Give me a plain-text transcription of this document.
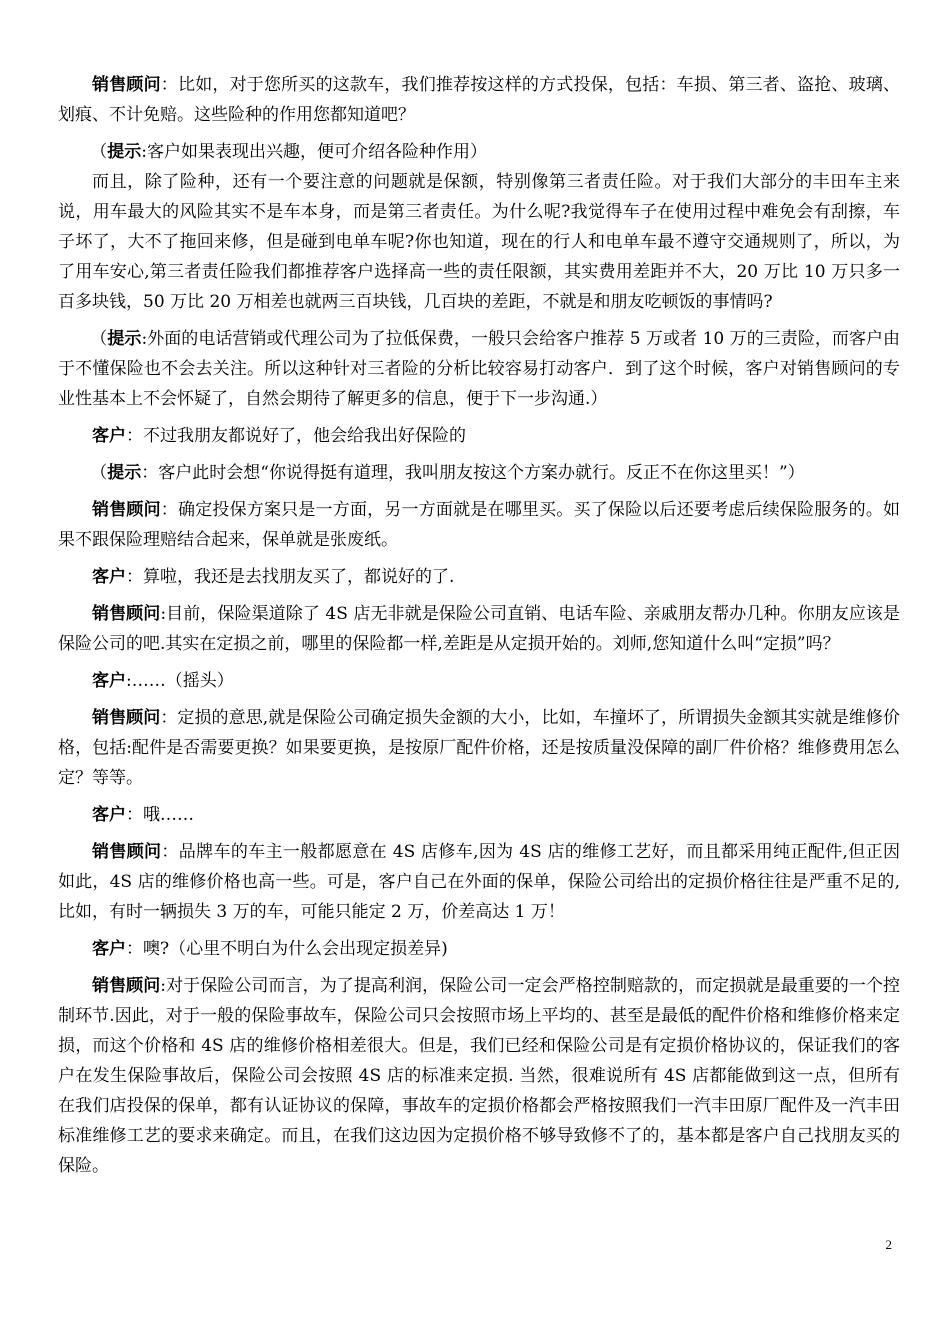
销售顾问：比如，对于您所买的这款车，我们推荐按这样的方式投保，包括：车损、第三者、盗抢、玻璃、划痕、不计免赔。这些险种的作用您都知道吧？

（提示:客户如果表现出兴趣，便可介绍各险种作用）

而且，除了险种，还有一个要注意的问题就是保额，特别像第三者责任险。对于我们大部分的丰田车主来说，用车最大的风险其实不是车本身，而是第三者责任。为什么呢?我觉得车子在使用过程中难免会有刮擦，车子坏了，大不了拖回来修，但是碰到电单车呢?你也知道，现在的行人和电单车最不遵守交通规则了，所以，为了用车安心,第三者责任险我们都推荐客户选择高一些的责任限额，其实费用差距并不大，20 万比 10 万只多一百多块钱，50 万比 20 万相差也就两三百块钱，几百块的差距，不就是和朋友吃顿饭的事情吗?

（提示:外面的电话营销或代理公司为了拉低保费，一般只会给客户推荐 5 万或者 10 万的三责险，而客户由于不懂保险也不会去关注。所以这种针对三者险的分析比较容易打动客户．到了这个时候，客户对销售顾问的专业性基本上不会怀疑了，自然会期待了解更多的信息，便于下一步沟通.）

客户：不过我朋友都说好了，他会给我出好保险的

（提示：客户此时会想“你说得挺有道理，我叫朋友按这个方案办就行。反正不在你这里买！”）

销售顾问：确定投保方案只是一方面，另一方面就是在哪里买。买了保险以后还要考虑后续保险服务的。如果不跟保险理赔结合起来，保单就是张废纸。

客户：算啦，我还是去找朋友买了，都说好的了.

销售顾问:目前，保险渠道除了 4S 店无非就是保险公司直销、电话车险、亲戚朋友帮办几种。你朋友应该是保险公司的吧.其实在定损之前，哪里的保险都一样,差距是从定损开始的。刘师,您知道什么叫“定损”吗？

客户:……（摇头）

销售顾问：定损的意思,就是保险公司确定损失金额的大小，比如，车撞坏了，所谓损失金额其实就是维修价格，包括:配件是否需要更换？如果要更换，是按原厂配件价格，还是按质量没保障的副厂件价格？维修费用怎么定？等等。

客户：哦……

销售顾问：品牌车的车主一般都愿意在 4S 店修车,因为 4S 店的维修工艺好，而且都采用纯正配件,但正因如此，4S 店的维修价格也高一些。可是，客户自己在外面的保单，保险公司给出的定损价格往往是严重不足的,比如，有时一辆损失 3 万的车，可能只能定 2 万，价差高达 1 万！

客户：噢?（心里不明白为什么会出现定损差异)

销售顾问:对于保险公司而言，为了提高利润，保险公司一定会严格控制赔款的，而定损就是最重要的一个控制环节.因此，对于一般的保险事故车，保险公司只会按照市场上平均的、甚至是最低的配件价格和维修价格来定损，而这个价格和 4S 店的维修价格相差很大。但是，我们已经和保险公司是有定损价格协议的，保证我们的客户在发生保险事故后，保险公司会按照 4S 店的标准来定损. 当然，很难说所有 4S 店都能做到这一点，但所有在我们店投保的保单，都有认证协议的保障，事故车的定损价格都会严格按照我们一汽丰田原厂配件及一汽丰田标准维修工艺的要求来确定。而且，在我们这边因为定损价格不够导致修不了的，基本都是客户自己找朋友买的保险。

2
